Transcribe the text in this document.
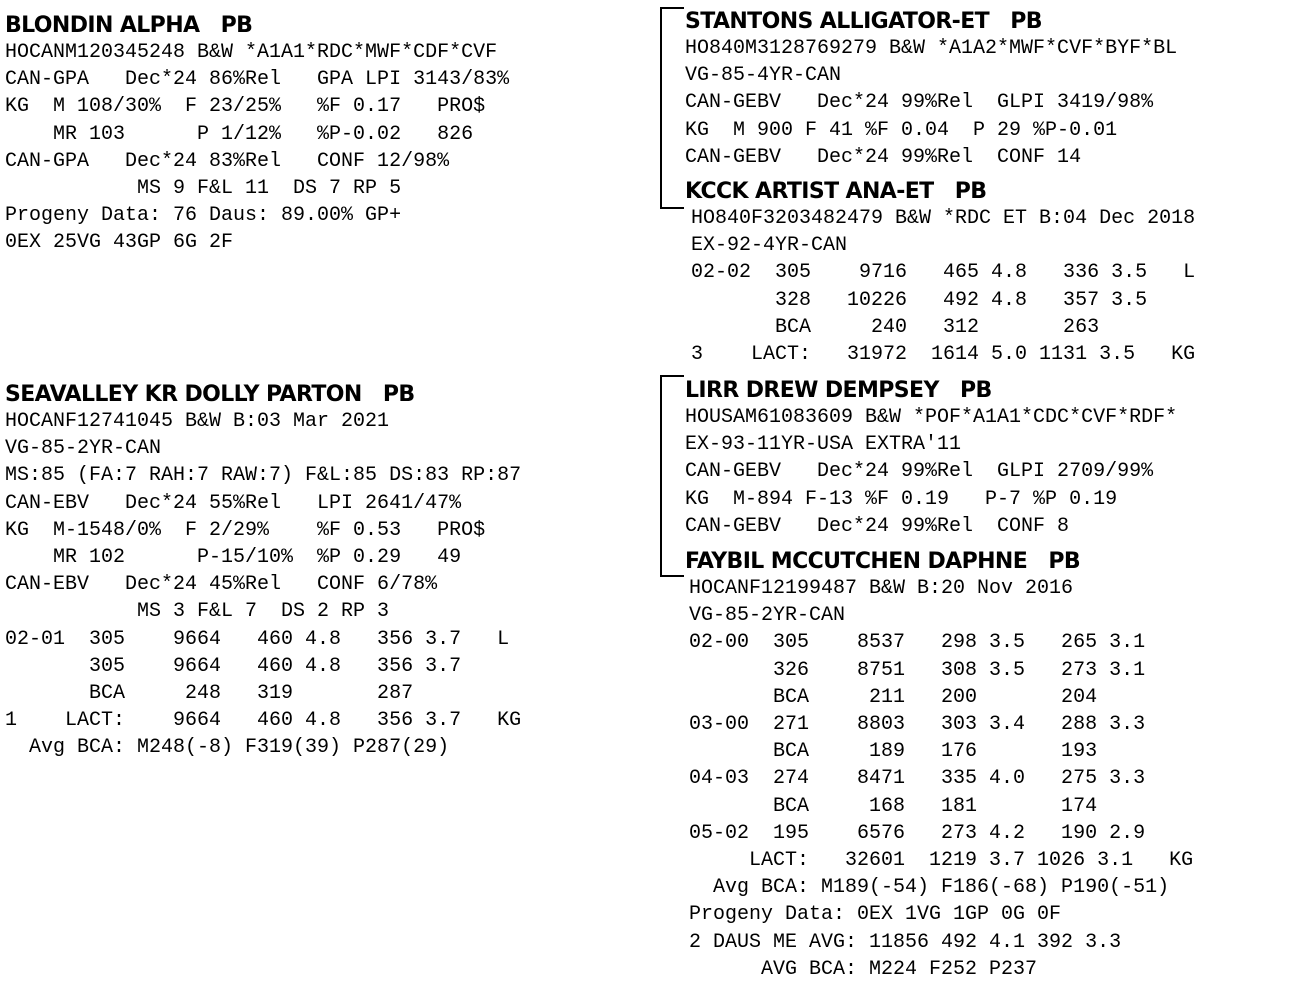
BLONDIN ALPHA PB
HOCANM120345248 B&W *A1A1*RDC*MWF*CDF*CVF
CAN-GPA   Dec*24 86%Rel   GPA LPI 3143/83%
KG  M 108/30%  F 23/25%   %F 0.17   PRO$
MR 103      P 1/12%   %P-0.02   826
CAN-GPA   Dec*24 83%Rel   CONF 12/98%
MS 9 F&L 11  DS 7 RP 5
Progeny Data: 76 Daus: 89.00% GP+
0EX 25VG 43GP 6G 2F
SEAVALLEY KR DOLLY PARTON PB
HOCANF12741045 B&W B:03 Mar 2021
VG-85-2YR-CAN
MS:85 (FA:7 RAH:7 RAW:7) F&L:85 DS:83 RP:87
CAN-EBV   Dec*24 55%Rel   LPI 2641/47%
KG  M-1548/0%  F 2/29%    %F 0.53   PRO$
MR 102      P-15/10%  %P 0.29   49
CAN-EBV   Dec*24 45%Rel   CONF 6/78%
MS 3 F&L 7  DS 2 RP 3
02-01  305    9664   460 4.8   356 3.7   L
305    9664   460 4.8   356 3.7
BCA     248   319       287
1    LACT:    9664   460 4.8   356 3.7   KG
Avg BCA: M248(-8) F319(39) P287(29)
STANTONS ALLIGATOR-ET PB
HO840M3128769279 B&W *A1A2*MWF*CVF*BYF*BL
VG-85-4YR-CAN
CAN-GEBV   Dec*24 99%Rel  GLPI 3419/98%
KG  M 900 F 41 %F 0.04  P 29 %P-0.01
CAN-GEBV   Dec*24 99%Rel  CONF 14
KCCK ARTIST ANA-ET PB
HO840F3203482479 B&W *RDC ET B:04 Dec 2018
EX-92-4YR-CAN
02-02  305    9716   465 4.8   336 3.5   L
328   10226   492 4.8   357 3.5
BCA     240   312       263
3    LACT:   31972  1614 5.0 1131 3.5   KG
LIRR DREW DEMPSEY PB
HOUSAM61083609 B&W *POF*A1A1*CDC*CVF*RDF*
EX-93-11YR-USA EXTRA'11
CAN-GEBV   Dec*24 99%Rel  GLPI 2709/99%
KG  M-894 F-13 %F 0.19   P-7 %P 0.19
CAN-GEBV   Dec*24 99%Rel  CONF 8
FAYBIL MCCUTCHEN DAPHNE PB
HOCANF12199487 B&W B:20 Nov 2016
VG-85-2YR-CAN
02-00  305    8537   298 3.5   265 3.1
326    8751   308 3.5   273 3.1
BCA     211   200       204
03-00  271    8803   303 3.4   288 3.3
BCA     189   176       193
04-03  274    8471   335 4.0   275 3.3
BCA     168   181       174
05-02  195    6576   273 4.2   190 2.9
LACT:   32601  1219 3.7 1026 3.1   KG
Avg BCA: M189(-54) F186(-68) P190(-51)
Progeny Data: 0EX 1VG 1GP 0G 0F
2 DAUS ME AVG: 11856 492 4.1 392 3.3
AVG BCA: M224 F252 P237
